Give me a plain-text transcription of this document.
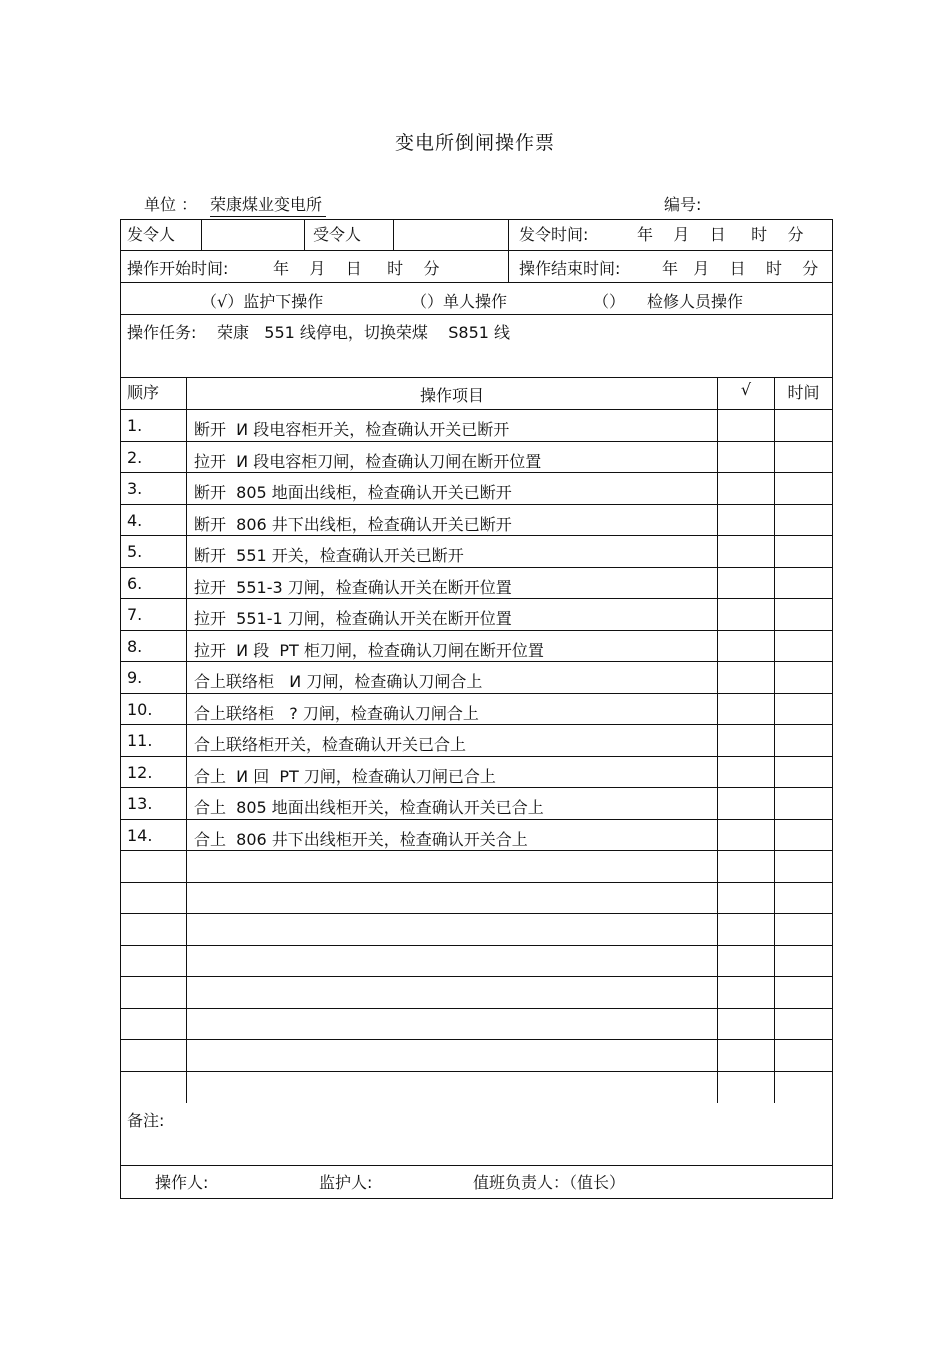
变电所倒闸操作票
单位 ： 荣康煤业变电所	编号:
发令人	受令人	发令时间:	年    月    日     时    分
操作开始时间:	年    月    日     时    分	操作结束时间:	年   月    日    时    分
（√）监护下操作	（）单人操作	（） 检修人员操作
操作任务: 荣康   551 线停电，切换荣煤    S851 线
顺序	操作项目	√	时间
1.	断开  И 段电容柜开关，检查确认开关已断开
2.	拉开  И 段电容柜刀闸，检查确认刀闸在断开位置
3.	断开  805 地面出线柜，检查确认开关已断开
4.	断开  806 井下出线柜，检查确认开关已断开
5.	断开  551 开关，检查确认开关已断开
6.	拉开  551-3 刀闸，检查确认开关在断开位置
7.	拉开  551-1 刀闸，检查确认开关在断开位置
8.	拉开  И 段  PT 柜刀闸，检查确认刀闸在断开位置
9.	合上联络柜   И 刀闸，检查确认刀闸合上
10.	合上联络柜   ? 刀闸，检查确认刀闸合上
11.	合上联络柜开关，检查确认开关已合上
12.	合上  И 回  PT 刀闸，检查确认刀闸已合上
13.	合上  805 地面出线柜开关，检查确认开关已合上
14.	合上  806 井下出线柜开关，检查确认开关合上
备注:
操作人:	监护人:	值班负责人：（值长）
